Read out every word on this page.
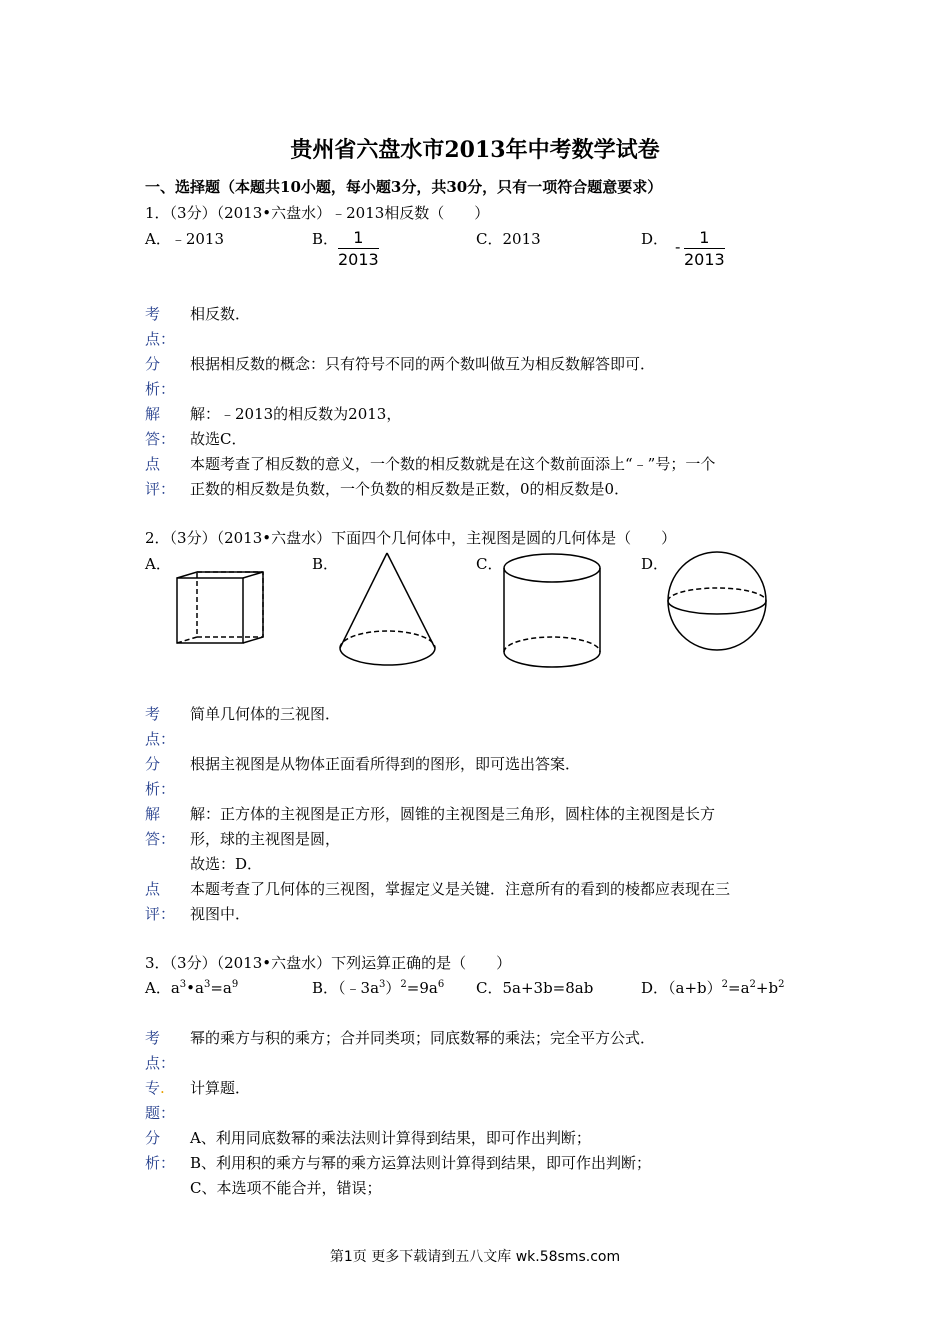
贵州省六盘水市2013年中考数学试卷
一、选择题（本题共10小题，每小题3分，共30分，只有一项符合题意要求）
1．（3分）（2013•六盘水）﹣2013相反数（　　）
A．﹣2013	B． $\frac{1}{2013}$	C．2013	D． - $\frac{1}{2013}$
考
点：
相反数．
分
析：
根据相反数的概念：只有符号不同的两个数叫做互为相反数解答即可．
解
答：
解：﹣2013的相反数为2013，
故选C．
点
评：
本题考查了相反数的意义，一个数的相反数就是在这个数前面添上“﹣”号；一个
正数的相反数是负数，一个负数的相反数是正数，0的相反数是0．
2．（3分）（2013•六盘水）下面四个几何体中，主视图是圆的几何体是（　　）
A．	B．	C．	D．
考
点：
简单几何体的三视图．
分
析：
根据主视图是从物体正面看所得到的图形，即可选出答案．
解
答：
解：正方体的主视图是正方形，圆锥的主视图是三角形，圆柱体的主视图是长方
形，球的主视图是圆，
故选：D．
点
评：
本题考查了几何体的三视图，掌握定义是关键．注意所有的看到的棱都应表现在三
视图中．
3．（3分）（2013•六盘水）下列运算正确的是（　　）
A．$a^3•a^3=a^9$	B．$(﹣3a^3)^2=9a^6$ C．5a+3b=8ab	D．$(a+b)^2=a^2+b^2$
考
点：
幂的乘方与积的乘方；合并同类项；同底数幂的乘法；完全平方公式．
专.
题：
计算题．
分
析：
A、利用同底数幂的乘法法则计算得到结果，即可作出判断；
B、利用积的乘方与幂的乘方运算法则计算得到结果，即可作出判断；
C、本选项不能合并，错误；
第1页 更多下载请到五八文库 wk.58sms.com
